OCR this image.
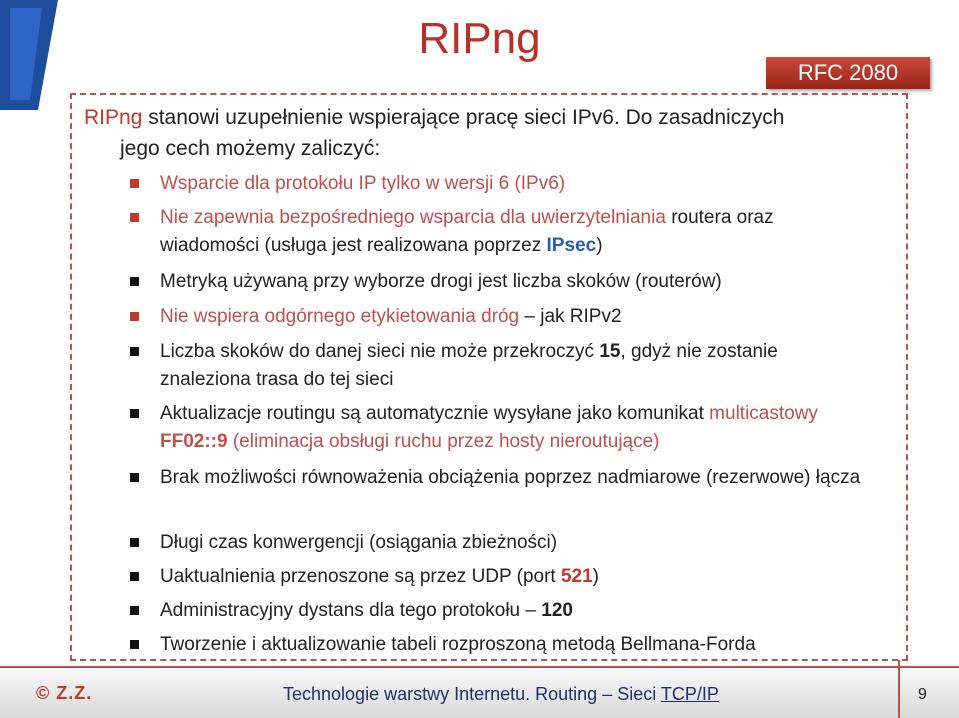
RIPng
RFC 2080
RIPng stanowi uzupełnienie wspierające pracę sieci IPv6. Do zasadniczych
jego cech możemy zaliczyć:
Wsparcie dla protokołu IP tylko w wersji 6 (IPv6)
Nie zapewnia bezpośredniego wsparcia dla uwierzytelniania routera oraz wiadomości (usługa jest realizowana poprzez IPsec)
Metryką używaną przy wyborze drogi jest liczba skoków (routerów)
Nie wspiera odgórnego etykietowania dróg – jak RIPv2
Liczba skoków do danej sieci nie może przekroczyć 15, gdyż nie zostanie znaleziona trasa do tej sieci
Aktualizacje routingu są automatycznie wysyłane jako komunikat multicastowy FF02::9 (eliminacja obsługi ruchu przez hosty nieroutujące)
Brak możliwości równoważenia obciążenia poprzez nadmiarowe (rezerwowe) łącza
Długi czas konwergencji (osiągania zbieżności)
Uaktualnienia przenoszone są przez UDP (port 521)
Administracyjny dystans dla tego protokołu – 120
Tworzenie i aktualizowanie tabeli rozproszoną metodą Bellmana-Forda
© Z.Z.	Technologie warstwy Internetu. Routing – Sieci TCP/IP	9
